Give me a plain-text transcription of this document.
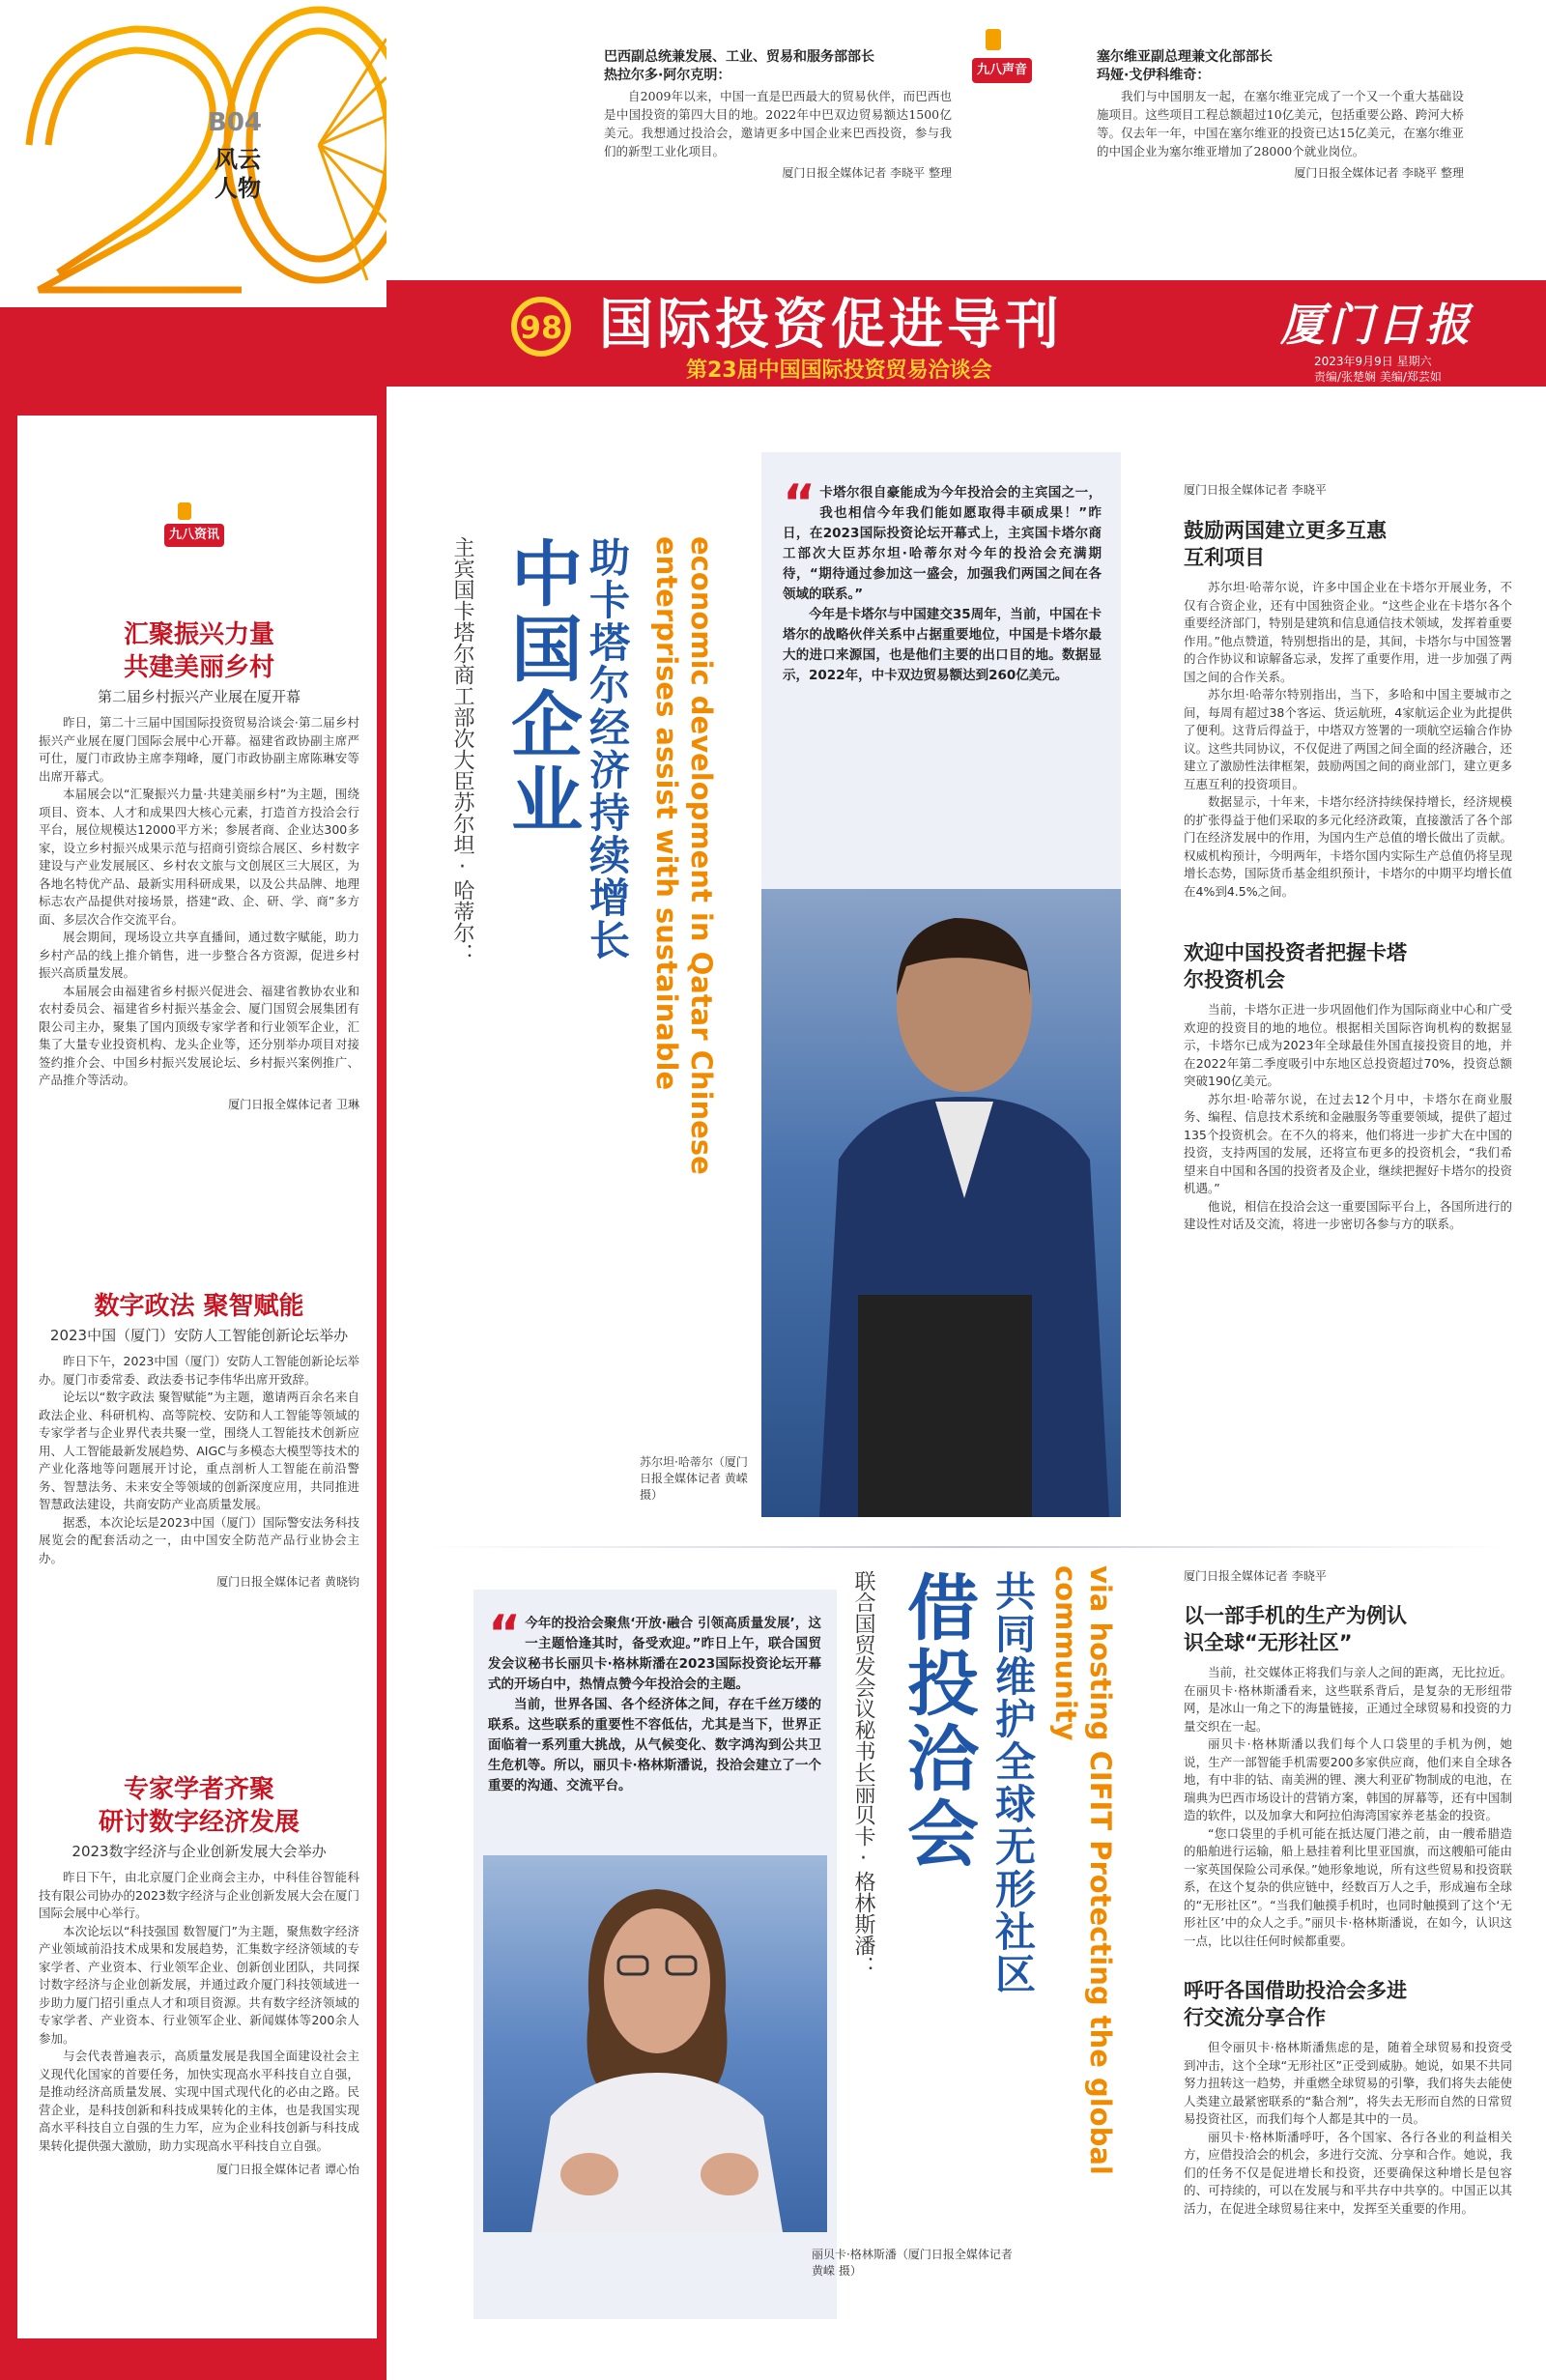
B04
风云
人物
巴西副总统兼发展、工业、贸易和服务部部长
热拉尔多·阿尔克明：

自2009年以来，中国一直是巴西最大的贸易伙伴，而巴西也是中国投资的第四大目的地。2022年中巴双边贸易额达1500亿美元。我想通过投洽会，邀请更多中国企业来巴西投资，参与我们的新型工业化项目。

厦门日报全媒体记者 李晓平 整理
九八声音
塞尔维亚副总理兼文化部部长
玛娅·戈伊科维奇：

我们与中国朋友一起，在塞尔维亚完成了一个又一个重大基础设施项目。这些项目工程总额超过10亿美元，包括重要公路、跨河大桥等。仅去年一年，中国在塞尔维亚的投资已达15亿美元，在塞尔维亚的中国企业为塞尔维亚增加了28000个就业岗位。

厦门日报全媒体记者 李晓平 整理
98 国际投资促进导刊
第23届中国国际投资贸易洽谈会
厦门日报
2023年9月9日 星期六
责编/张楚娴 美编/郑芸如
九八资讯
汇聚振兴力量
共建美丽乡村
第二届乡村振兴产业展在厦开幕

昨日，第二十三届中国国际投资贸易洽谈会·第二届乡村振兴产业展在厦门国际会展中心开幕。福建省政协副主席严可仕，厦门市政协主席李翔峰，厦门市政协副主席陈琳安等出席开幕式。

本届展会以“汇聚振兴力量·共建美丽乡村”为主题，围绕项目、资本、人才和成果四大核心元素，打造首方投洽会行平台，展位规模达12000平方米；参展者商、企业达300多家，设立乡村振兴成果示范与招商引资综合展区、乡村数字建设与产业发展展区、乡村农文旅与文创展区三大展区，为各地名特优产品、最新实用科研成果，以及公共品牌、地理标志农产品提供对接场景，搭建“政、企、研、学、商”多方面、多层次合作交流平台。

展会期间，现场设立共享直播间，通过数字赋能，助力乡村产品的线上推介销售，进一步整合各方资源，促进乡村振兴高质量发展。

本届展会由福建省乡村振兴促进会、福建省教协农业和农村委员会、福建省乡村振兴基金会、厦门国贸会展集团有限公司主办，聚集了国内顶级专家学者和行业领军企业，汇集了大量专业投资机构、龙头企业等，还分别举办项目对接签约推介会、中国乡村振兴发展论坛、乡村振兴案例推广、产品推介等活动。

厦门日报全媒体记者 卫琳
数字政法 聚智赋能
2023中国（厦门）安防人工智能创新论坛举办

昨日下午，2023中国（厦门）安防人工智能创新论坛举办。厦门市委常委、政法委书记李伟华出席开致辞。

论坛以“数字政法 聚智赋能”为主题，邀请两百余名来自政法企业、科研机构、高等院校、安防和人工智能等领域的专家学者与企业界代表共聚一堂，围绕人工智能技术创新应用、人工智能最新发展趋势、AIGC与多模态大模型等技术的产业化落地等问题展开讨论，重点剖析人工智能在前沿警务、智慧法务、未来安全等领域的创新深度应用，共同推进智慧政法建设，共商安防产业高质量发展。

据悉，本次论坛是2023中国（厦门）国际警安法务科技展览会的配套活动之一，由中国安全防范产品行业协会主办。

厦门日报全媒体记者 黄晓钧
专家学者齐聚
研讨数字经济发展
2023数字经济与企业创新发展大会举办

昨日下午，由北京厦门企业商会主办，中科佳谷智能科技有限公司协办的2023数字经济与企业创新发展大会在厦门国际会展中心举行。

本次论坛以“科技强国 数智厦门”为主题，聚焦数字经济产业领域前沿技术成果和发展趋势，汇集数字经济领域的专家学者、产业资本、行业领军企业、创新创业团队，共同探讨数字经济与企业创新发展，并通过政介厦门科技领域进一步助力厦门招引重点人才和项目资源。共有数字经济领域的专家学者、产业资本、行业领军企业、新闻媒体等200余人参加。

与会代表普遍表示，高质量发展是我国全面建设社会主义现代化国家的首要任务，加快实现高水平科技自立自强，是推动经济高质量发展、实现中国式现代化的必由之路。民营企业，是科技创新和科技成果转化的主体，也是我国实现高水平科技自立自强的生力军，应为企业科技创新与科技成果转化提供强大激励，助力实现高水平科技自立自强。

厦门日报全媒体记者 谭心怡
economic development in Qatar Chinese enterprises assist with sustainable
助卡塔尔经济持续增长
中国企业
主宾国卡塔尔商工部次大臣苏尔坦·哈蒂尔：
“ 卡塔尔很自豪能成为今年投洽会的主宾国之一，我也相信今年我们能如愿取得丰硕成果！”昨日，在2023国际投资论坛开幕式上，主宾国卡塔尔商工部次大臣苏尔坦·哈蒂尔对今年的投洽会充满期待，“期待通过参加这一盛会，加强我们两国之间在各领域的联系。”

今年是卡塔尔与中国建交35周年，当前，中国在卡塔尔的战略伙伴关系中占据重要地位，中国是卡塔尔最大的进口来源国，也是他们主要的出口目的地。数据显示，2022年，中卡双边贸易额达到260亿美元。

苏尔坦·哈蒂尔（厦门日报全媒体记者 黄嵘 摄）
厦门日报全媒体记者 李晓平
鼓励两国建立更多互惠互利项目

苏尔坦·哈蒂尔说，许多中国企业在卡塔尔开展业务，不仅有合资企业，还有中国独资企业。“这些企业在卡塔尔各个重要经济部门，特别是建筑和信息通信技术领域，发挥着重要作用。”他点赞道，特别想指出的是，其间，卡塔尔与中国签署的合作协议和谅解备忘录，发挥了重要作用，进一步加强了两国之间的合作关系。

苏尔坦·哈蒂尔特别指出，当下，多哈和中国主要城市之间，每周有超过38个客运、货运航班，4家航运企业为此提供了便利。这背后得益于，中塔双方签署的一项航空运输合作协议。这些共同协议，不仅促进了两国之间全面的经济融合，还建立了激励性法律框架，鼓励两国之间的商业部门，建立更多互惠互利的投资项目。

数据显示，十年来，卡塔尔经济持续保持增长，经济规模的扩张得益于他们采取的多元化经济政策，直接激活了各个部门在经济发展中的作用，为国内生产总值的增长做出了贡献。权威机构预计，今明两年，卡塔尔国内实际生产总值仍将呈现增长态势，国际货币基金组织预计，卡塔尔的中期平均增长值在4%到4.5%之间。

欢迎中国投资者把握卡塔尔投资机会

当前，卡塔尔正进一步巩固他们作为国际商业中心和广受欢迎的投资目的地的地位。根据相关国际咨询机构的数据显示，卡塔尔已成为2023年全球最佳外国直接投资目的地，并在2022年第二季度吸引中东地区总投资超过70%，投资总额突破190亿美元。

苏尔坦·哈蒂尔说，在过去12个月中，卡塔尔在商业服务、编程、信息技术系统和金融服务等重要领域，提供了超过135个投资机会。在不久的将来，他们将进一步扩大在中国的投资，支持两国的发展，还将宣布更多的投资机会，“我们希望来自中国和各国的投资者及企业，继续把握好卡塔尔的投资机遇。”

他说，相信在投洽会这一重要国际平台上，各国所进行的建设性对话及交流，将进一步密切各参与方的联系。

“ 今年的投洽会聚焦‘开放·融合 引领高质量发展’，这一主题恰逢其时，备受欢迎。”昨日上午，联合国贸发会议秘书长丽贝卡·格林斯潘在2023国际投资论坛开幕式的开场白中，热情点赞今年投洽会的主题。

当前，世界各国、各个经济体之间，存在千丝万缕的联系。这些联系的重要性不容低估，尤其是当下，世界正面临着一系列重大挑战，从气候变化、数字鸿沟到公共卫生危机等。所以，丽贝卡·格林斯潘说，投洽会建立了一个重要的沟通、交流平台。

丽贝卡·格林斯潘（厦门日报全媒体记者 黄嵘 摄）
via hosting CIFIT Protecting the global community
共同维护全球无形社区
借投洽会
联合国贸发会议秘书长丽贝卡·格林斯潘：	厦门日报全媒体记者 李晓平
以一部手机的生产为例认识全球“无形社区”

当前，社交媒体正将我们与亲人之间的距离，无比拉近。在丽贝卡·格林斯潘看来，这些联系背后，是复杂的无形纽带网，是冰山一角之下的海量链接，正通过全球贸易和投资的力量交织在一起。

丽贝卡·格林斯潘以我们每个人口袋里的手机为例，她说，生产一部智能手机需要200多家供应商，他们来自全球各地，有中非的钴、南美洲的锂、澳大利亚矿物制成的电池，在瑞典为巴西市场设计的营销方案，韩国的屏幕等，还有中国制造的软件，以及加拿大和阿拉伯海湾国家养老基金的投资。

“您口袋里的手机可能在抵达厦门港之前，由一艘希腊造的船舶进行运输，船上悬挂着利比里亚国旗，而这艘船可能由一家英国保险公司承保。”她形象地说，所有这些贸易和投资联系，在这个复杂的供应链中，经数百万人之手，形成遍布全球的“无形社区”。“当我们触摸手机时，也同时触摸到了这个‘无形社区’中的众人之手。”丽贝卡·格林斯潘说，在如今，认识这一点，比以往任何时候都重要。

呼吁各国借助投洽会多进行交流分享合作

但令丽贝卡·格林斯潘焦虑的是，随着全球贸易和投资受到冲击，这个全球“无形社区”正受到威胁。她说，如果不共同努力扭转这一趋势，并重燃全球贸易的引擎，我们将失去能使人类建立最紧密联系的“黏合剂”，将失去无形而自然的日常贸易投资社区，而我们每个人都是其中的一员。

丽贝卡·格林斯潘呼吁，各个国家、各行各业的利益相关方，应借投洽会的机会，多进行交流、分享和合作。她说，我们的任务不仅是促进增长和投资，还要确保这种增长是包容的、可持续的，可以在发展与和平共存中共享的。中国正以其活力，在促进全球贸易往来中，发挥至关重要的作用。
